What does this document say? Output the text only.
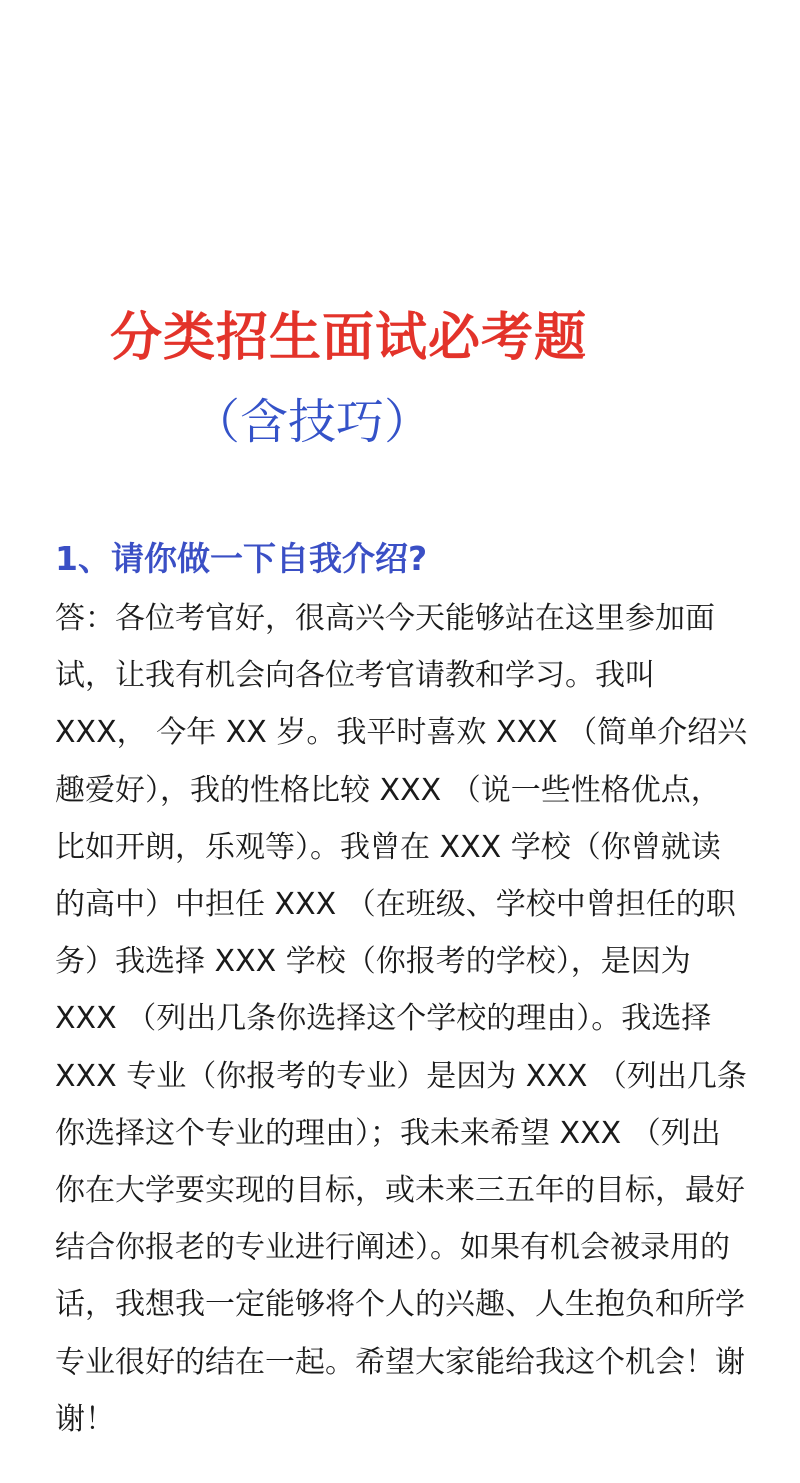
分类招生面试必考题
（含技巧）
1、请你做一下自我介绍?
答：各位考官好，很高兴今天能够站在这里参加面
试，让我有机会向各位考官请教和学习。我叫
XXX， 今年 XX 岁。我平时喜欢 XXX （简单介绍兴
趣爱好），我的性格比较 XXX （说一些性格优点，
比如开朗，乐观等）。我曾在 XXX 学校（你曾就读
的高中）中担任 XXX （在班级、学校中曾担任的职
务）我选择 XXX 学校（你报考的学校），是因为
XXX （列出几条你选择这个学校的理由）。我选择
XXX 专业（你报考的专业）是因为 XXX （列出几条
你选择这个专业的理由）；我未来希望 XXX （列出
你在大学要实现的目标，或未来三五年的目标，最好
结合你报老的专业进行阐述）。如果有机会被录用的
话，我想我一定能够将个人的兴趣、人生抱负和所学
专业很好的结在一起。希望大家能给我这个机会！谢
谢！
